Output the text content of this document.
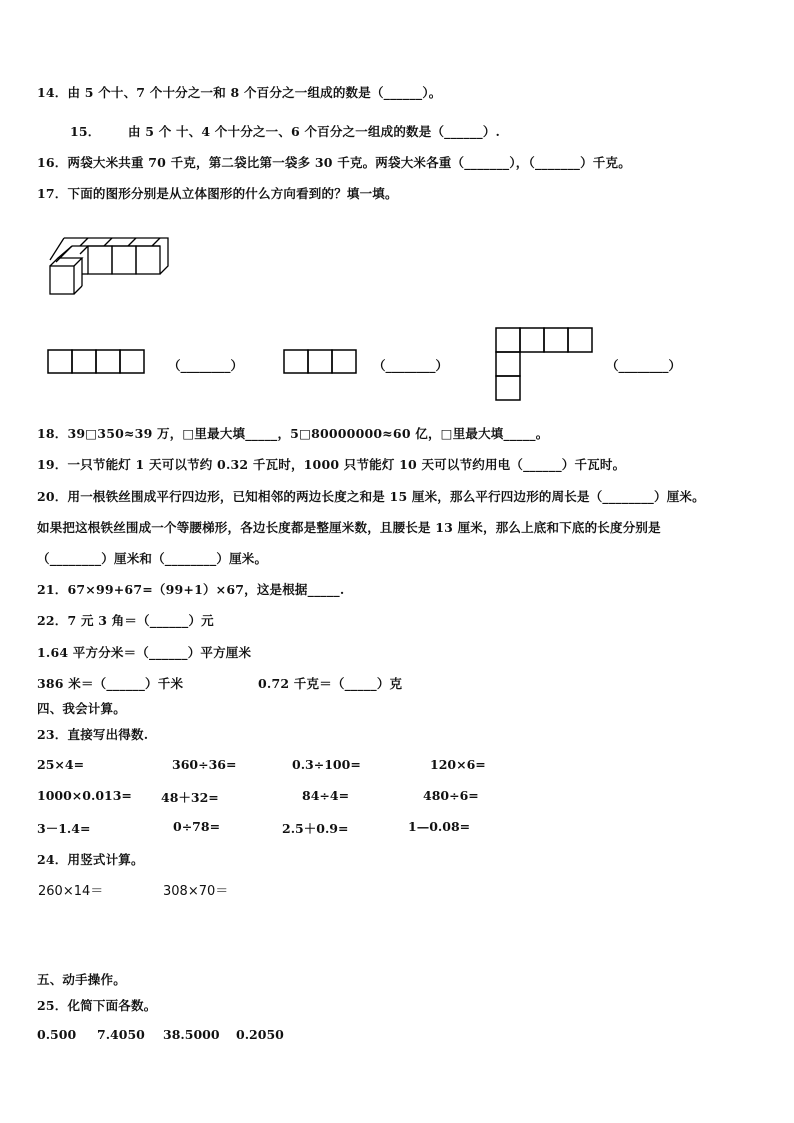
14．由 5 个十、7 个十分之一和 8 个百分之一组成的数是（______）。
15． 由 5 个 十、4 个十分之一、6 个百分之一组成的数是（______）.
16．两袋大米共重 70 千克，第二袋比第一袋多 30 千克。两袋大米各重（_______），（_______）千克。
17．下面的图形分别是从立体图形的什么方向看到的？填一填。
（________）	（________）	（________）
18．39□350≈39 万，□里最大填_____，5□80000000≈60 亿，□里最大填_____。
19．一只节能灯 1 天可以节约 0.32 千瓦时，1000 只节能灯 10 天可以节约用电（______）千瓦时。
20．用一根铁丝围成平行四边形，已知相邻的两边长度之和是 15 厘米，那么平行四边形的周长是（________）厘米。
如果把这根铁丝围成一个等腰梯形，各边长度都是整厘米数，且腰长是 13 厘米，那么上底和下底的长度分别是
（________）厘米和（________）厘米。
21．67×99+67=（99+1）×67，这是根据_____.
22．7 元 3 角＝（______）元
1.64 平方分米＝（______）平方厘米
386 米＝（______）千米	0.72 千克＝（_____）克
四、我会计算。
23．直接写出得数.
25×4=	360÷36=	0.3÷100=	120×6=
1000×0.013= 48＋32=	84÷4=	480÷6=
3－1.4=	0÷78=	2.5＋0.9=	1—0.08=
24．用竖式计算。
260×14＝	308×70＝
五、动手操作。
25．化简下面各数。
0.500 7.4050 38.5000 0.2050
